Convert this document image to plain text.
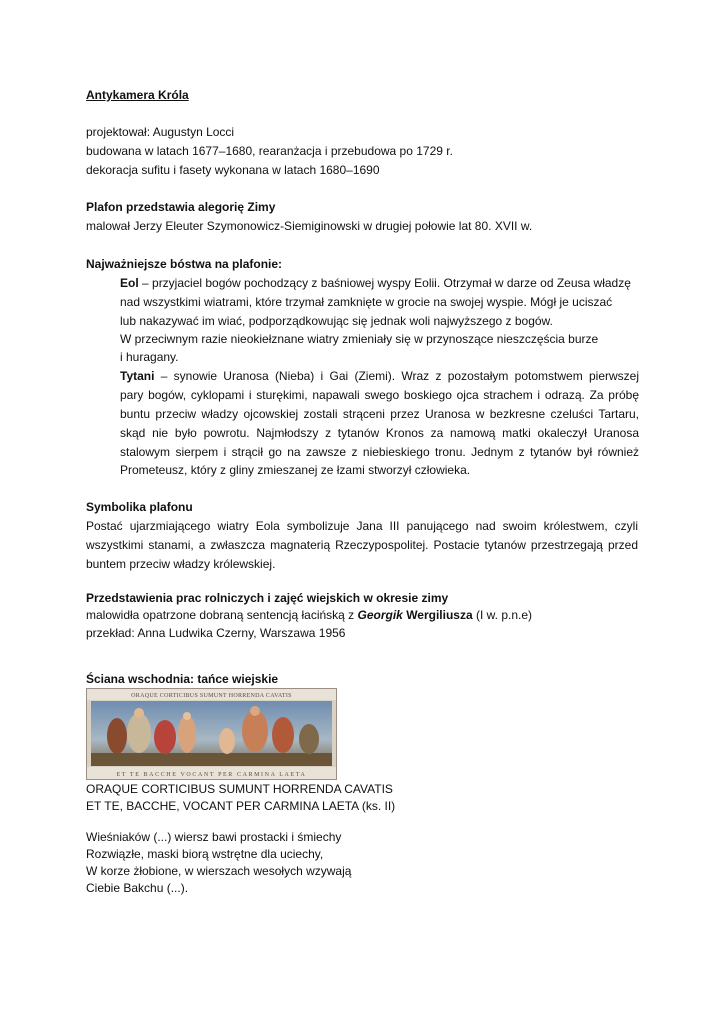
Antykamera Króla
projektował: Augustyn Locci
budowana w latach 1677–1680, rearanżacja i przebudowa po 1729 r.
dekoracja sufitu i fasety wykonana w latach 1680–1690
Plafon przedstawia alegorię Zimy
malował Jerzy Eleuter Szymonowicz-Siemiginowski w drugiej połowie lat 80. XVII w.
Najważniejsze bóstwa na plafonie:
Eol – przyjaciel bogów pochodzący z baśniowej wyspy Eolii. Otrzymał w darze od Zeusa władzę
nad wszystkimi wiatrami, które trzymał zamknięte w grocie na swojej wyspie. Mógł je uciszać
lub nakazywać im wiać, podporządkowując się jednak woli najwyższego z bogów.
W przeciwnym razie nieokiełznane wiatry zmieniały się w przynoszące nieszczęścia burze
i huragany.
Tytani – synowie Uranosa (Nieba) i Gai (Ziemi). Wraz z pozostałym potomstwem pierwszej
pary bogów, cyklopami i sturękimi, napawali swego boskiego ojca strachem i odrazą. Za próbę
buntu przeciw władzy ojcowskiej zostali strąceni przez Uranosa w bezkresne czeluści Tartaru,
skąd nie było powrotu. Najmłodszy z tytanów Kronos za namową matki okaleczył Uranosa
stalowym sierpem i strącił go na zawsze z niebieskiego tronu. Jednym z tytanów był również
Prometeusz, który z gliny zmieszanej ze łzami stworzył człowieka.
Symbolika plafonu
Postać ujarzmiającego wiatry Eola symbolizuje Jana III panującego nad swoim królestwem, czyli
wszystkimi stanami, a zwłaszcza magnaterią Rzeczypospolitej. Postacie tytanów przestrzegają przed
buntem przeciw władzy królewskiej.
Przedstawienia prac rolniczych i zajęć wiejskich w okresie zimy
malowidła opatrzone dobraną sentencją łacińską z Georgik Wergiliusza (I w. p.n.e)
przekład: Anna Ludwika Czerny, Warszawa 1956
Ściana wschodnia: tańce wiejskie
ORAQUE CORTICIBUS SUMUNT HORRENDA CAVATIS
ET TE BACCHE VOCANT PER CARMINA LAETA
ORAQUE CORTICIBUS SUMUNT HORRENDA CAVATIS
ET TE, BACCHE, VOCANT PER CARMINA LAETA (ks. II)
Wieśniaków (...) wiersz bawi prostacki i śmiechy
Rozwiązłe, maski biorą wstrętne dla uciechy,
W korze żłobione, w wierszach wesołych wzywają
Ciebie Bakchu (...).
